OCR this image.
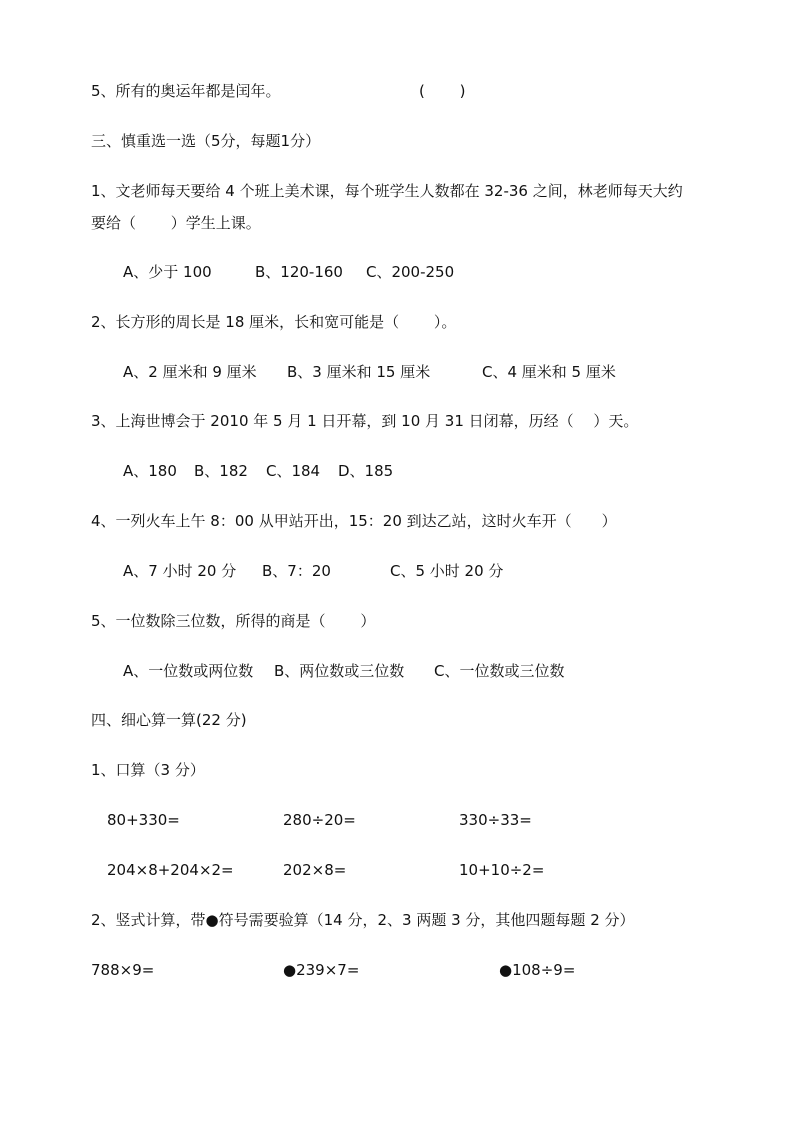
5、所有的奥运年都是闰年。	(　　 )
三、慎重选一选（5分，每题1分）
1、文老师每天要给 4 个班上美术课，每个班学生人数都在 32-36 之间，林老师每天大约
要给（　　 ）学生上课。
A、少于 100	B、120-160 C、200-250
2、长方形的周长是 18 厘米，长和宽可能是（　　 ）。
A、2 厘米和 9 厘米 B、3 厘米和 15 厘米	C、4 厘米和 5 厘米
3、上海世博会于 2010 年 5 月 1 日开幕，到 10 月 31 日闭幕，历经（　 ）天。
A、180 B、182 C、184 D、185
4、一列火车上午 8：00 从甲站开出，15：20 到达乙站，这时火车开（　　）
A、7 小时 20 分 B、7：20	C、5 小时 20 分
5、一位数除三位数，所得的商是（　　 ）
A、一位数或两位数 B、两位数或三位数 C、一位数或三位数
四、细心算一算(22 分)
1、口算（3 分）
80+330=	280÷20=	330÷33=
204×8+204×2=	202×8=	10+10÷2=
2、竖式计算，带●符号需要验算（14 分，2、3 两题 3 分，其他四题每题 2 分）
788×9=	●239×7=	●108÷9=
